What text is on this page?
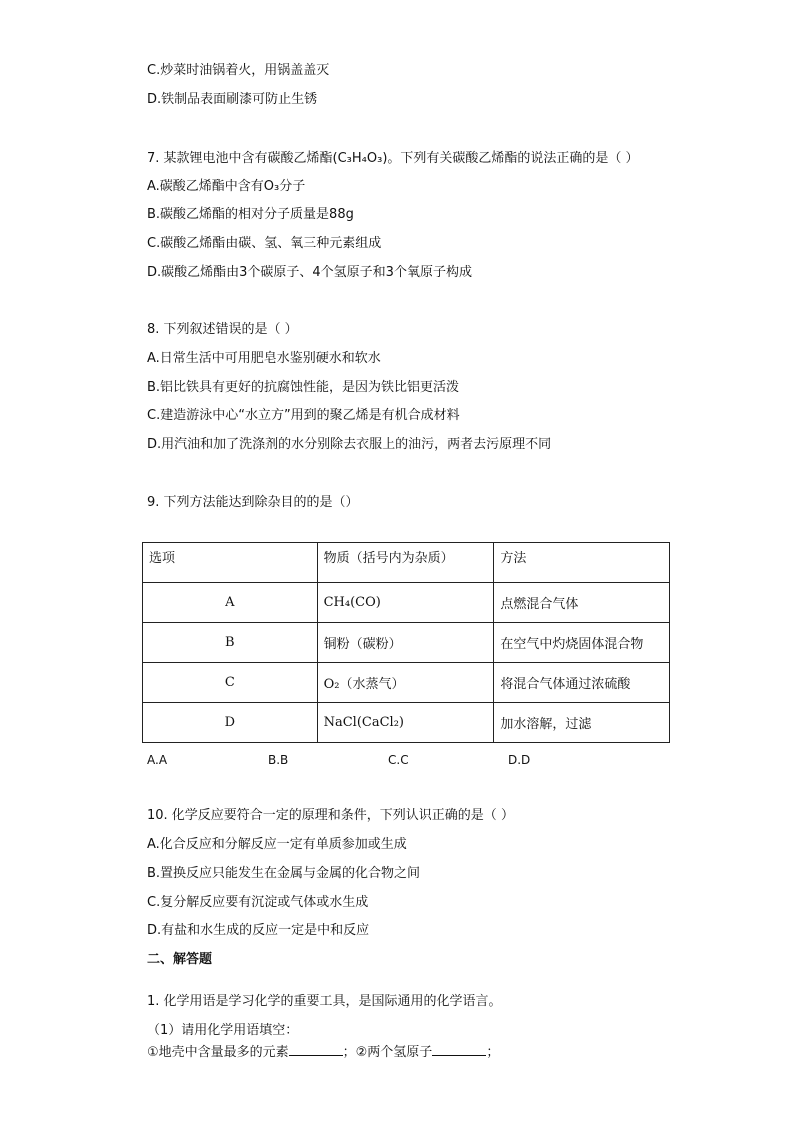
C.炒菜时油锅着火，用锅盖盖灭
D.铁制品表面刷漆可防止生锈
7. 某款锂电池中含有碳酸乙烯酯(C₃H₄O₃)。下列有关碳酸乙烯酯的说法正确的是（ ）
A.碳酸乙烯酯中含有O₃分子
B.碳酸乙烯酯的相对分子质量是88g
C.碳酸乙烯酯由碳、氢、氧三种元素组成
D.碳酸乙烯酯由3个碳原子、4个氢原子和3个氧原子构成
8. 下列叙述错误的是（ ）
A.日常生活中可用肥皂水鉴别硬水和软水
B.铝比铁具有更好的抗腐蚀性能，是因为铁比铝更活泼
C.建造游泳中心“水立方”用到的聚乙烯是有机合成材料
D.用汽油和加了洗涤剂的水分别除去衣服上的油污，两者去污原理不同
9. 下列方法能达到除杂目的的是（）
选项	物质（括号内为杂质）	方法
A	CH₄(CO)	点燃混合气体
B	铜粉（碳粉）	在空气中灼烧固体混合物
C	O₂（水蒸气）	将混合气体通过浓硫酸
D	NaCl(CaCl₂)	加水溶解，过滤
A.A	B.B	C.C	D.D
10. 化学反应要符合一定的原理和条件，下列认识正确的是（ ）
A.化合反应和分解反应一定有单质参加或生成
B.置换反应只能发生在金属与金属的化合物之间
C.复分解反应要有沉淀或气体或水生成
D.有盐和水生成的反应一定是中和反应
二、解答题
1. 化学用语是学习化学的重要工具，是国际通用的化学语言。
（1）请用化学用语填空：
①地壳中含量最多的元素	；②两个氢原子	；
